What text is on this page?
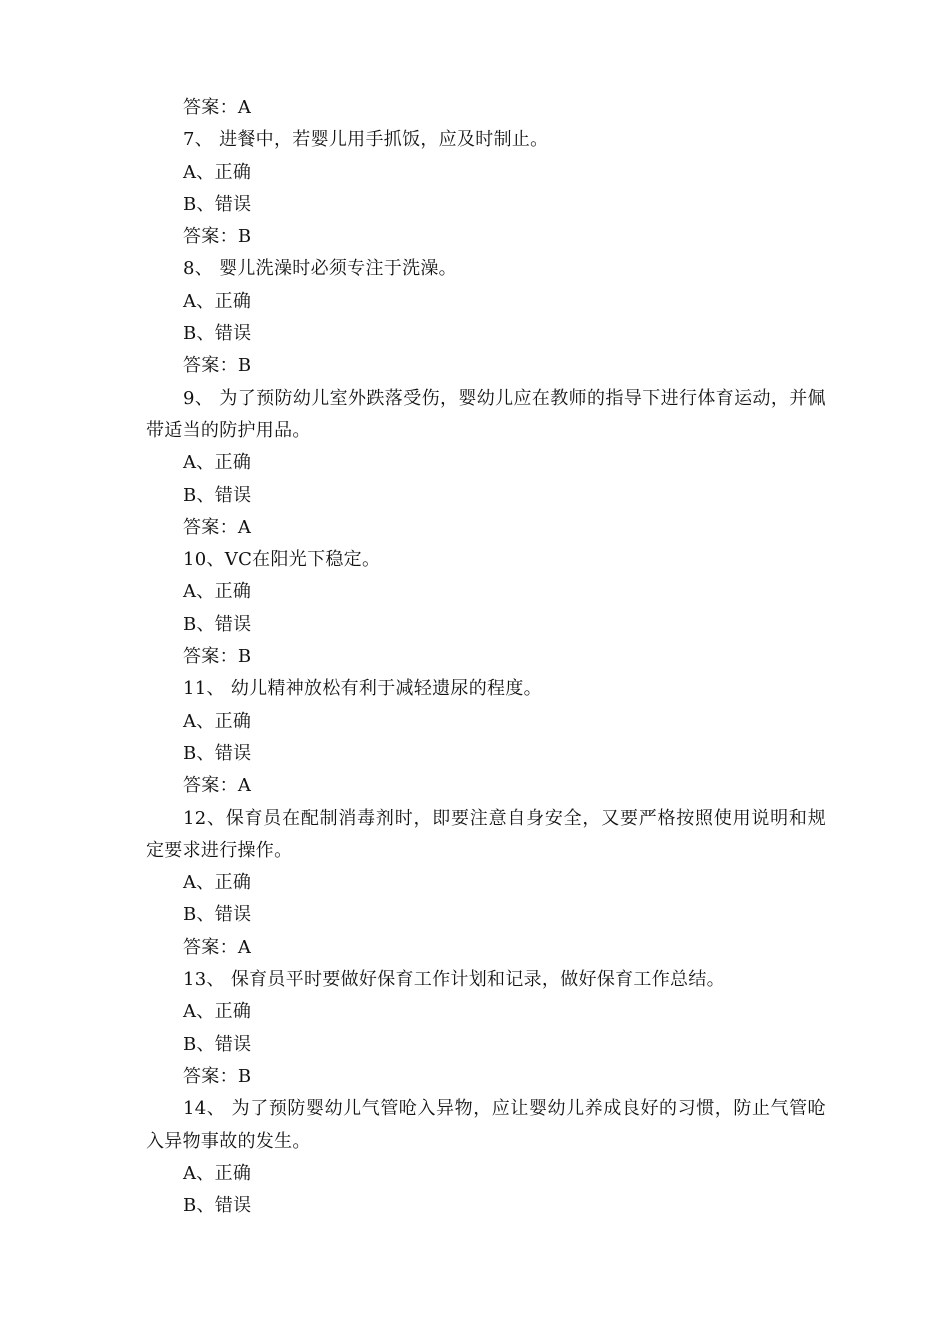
答案：A
7、 进餐中，若婴儿用手抓饭，应及时制止。
A、正确
B、错误
答案：B
8、 婴儿洗澡时必须专注于洗澡。
A、正确
B、错误
答案：B
9、 为了预防幼儿室外跌落受伤，婴幼儿应在教师的指导下进行体育运动，并佩带适当的防护用品。
A、正确
B、错误
答案：A
10、VC在阳光下稳定。
A、正确
B、错误
答案：B
11、 幼儿精神放松有利于减轻遗尿的程度。
A、正确
B、错误
答案：A
12、保育员在配制消毒剂时，即要注意自身安全，又要严格按照使用说明和规定要求进行操作。
A、正确
B、错误
答案：A
13、 保育员平时要做好保育工作计划和记录，做好保育工作总结。
A、正确
B、错误
答案：B
14、 为了预防婴幼儿气管呛入异物，应让婴幼儿养成良好的习惯，防止气管呛入异物事故的发生。
A、正确
B、错误
